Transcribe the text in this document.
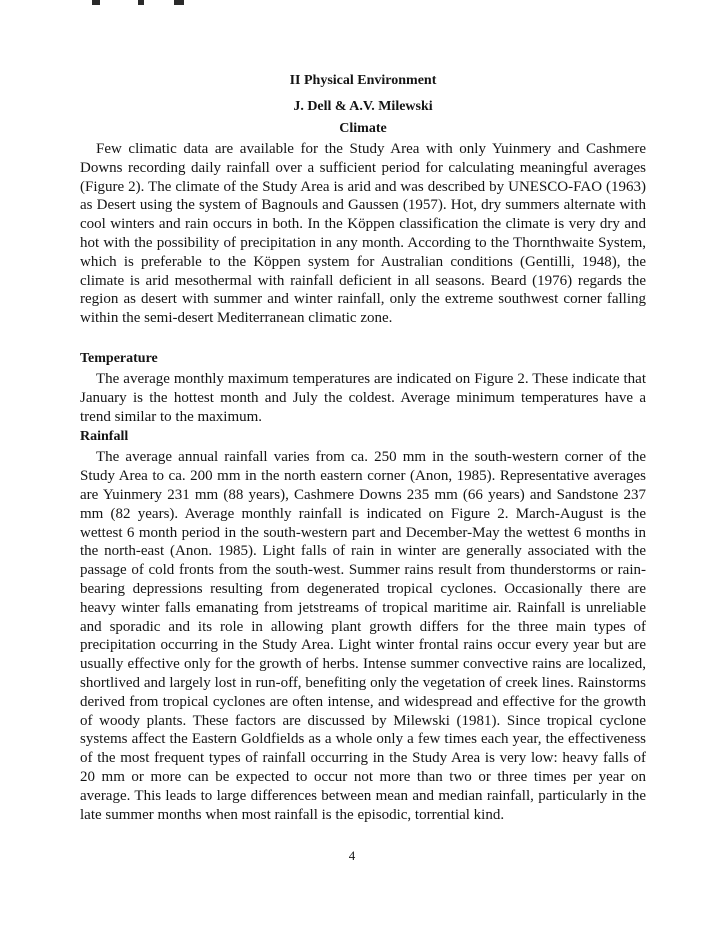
II Physical Environment

J. Dell & A.V. Milewski

Climate

Few climatic data are available for the Study Area with only Yuinmery and Cashmere Downs recording daily rainfall over a sufficient period for calculating meaningful averages (Figure 2). The climate of the Study Area is arid and was described by UNESCO-FAO (1963) as Desert using the system of Bagnouls and Gaussen (1957). Hot, dry summers alternate with cool winters and rain occurs in both. In the Köppen classification the climate is very dry and hot with the possibility of precipitation in any month. According to the Thornthwaite System, which is preferable to the Köppen system for Australian conditions (Gentilli, 1948), the climate is arid mesothermal with rainfall deficient in all seasons. Beard (1976) regards the region as desert with summer and winter rainfall, only the extreme southwest corner falling within the semi-desert Mediterranean climatic zone.

Temperature

The average monthly maximum temperatures are indicated on Figure 2. These indicate that January is the hottest month and July the coldest. Average minimum temperatures have a trend similar to the maximum.

Rainfall

The average annual rainfall varies from ca. 250 mm in the south-western corner of the Study Area to ca. 200 mm in the north eastern corner (Anon, 1985). Representative averages are Yuinmery 231 mm (88 years), Cashmere Downs 235 mm (66 years) and Sandstone 237 mm (82 years). Average monthly rainfall is indicated on Figure 2. March-August is the wettest 6 month period in the south-western part and December-May the wettest 6 months in the north-east (Anon. 1985). Light falls of rain in winter are generally associated with the passage of cold fronts from the south-west. Summer rains result from thunderstorms or rain-bearing depressions resulting from degenerated tropical cyclones. Occasionally there are heavy winter falls emanating from jetstreams of tropical maritime air. Rainfall is unreliable and sporadic and its role in allowing plant growth differs for the three main types of precipitation occurring in the Study Area. Light winter frontal rains occur every year but are usually effective only for the growth of herbs. Intense summer convective rains are localized, shortlived and largely lost in run-off, benefiting only the vegetation of creek lines. Rainstorms derived from tropical cyclones are often intense, and widespread and effective for the growth of woody plants. These factors are discussed by Milewski (1981). Since tropical cyclone systems affect the Eastern Goldfields as a whole only a few times each year, the effectiveness of the most frequent types of rainfall occurring in the Study Area is very low: heavy falls of 20 mm or more can be expected to occur not more than two or three times per year on average. This leads to large differences between mean and median rainfall, particularly in the late summer months when most rainfall is the episodic, torrential kind.

4
